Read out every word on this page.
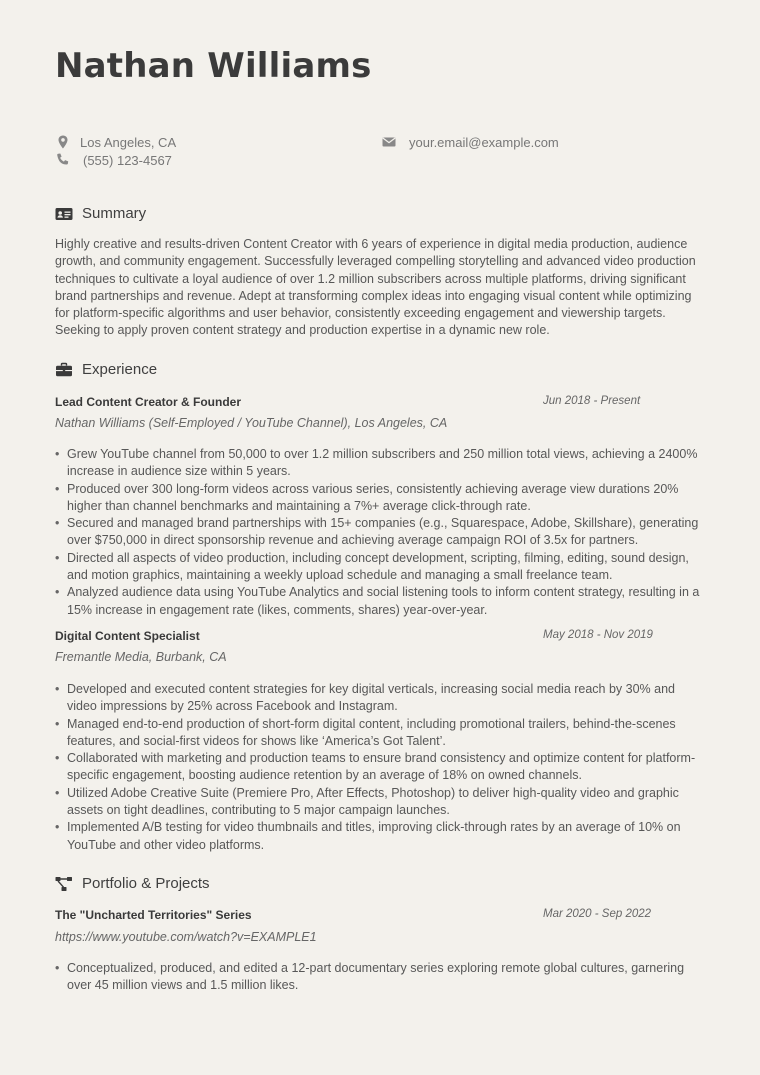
Nathan Williams
Los Angeles, CA
(555) 123-4567
your.email@example.com
Summary

Highly creative and results-driven Content Creator with 6 years of experience in digital media production, audience growth, and community engagement. Successfully leveraged compelling storytelling and advanced video production techniques to cultivate a loyal audience of over 1.2 million subscribers across multiple platforms, driving significant brand partnerships and revenue. Adept at transforming complex ideas into engaging visual content while optimizing for platform-specific algorithms and user behavior, consistently exceeding engagement and viewership targets. Seeking to apply proven content strategy and production expertise in a dynamic new role.

Experience
Lead Content Creator & Founder	Jun 2018 - Present
Nathan Williams (Self-Employed / YouTube Channel), Los Angeles, CA
• Grew YouTube channel from 50,000 to over 1.2 million subscribers and 250 million total views, achieving a 2400% increase in audience size within 5 years.
• Produced over 300 long-form videos across various series, consistently achieving average view durations 20% higher than channel benchmarks and maintaining a 7%+ average click-through rate.
• Secured and managed brand partnerships with 15+ companies (e.g., Squarespace, Adobe, Skillshare), generating over $750,000 in direct sponsorship revenue and achieving average campaign ROI of 3.5x for partners.
• Directed all aspects of video production, including concept development, scripting, filming, editing, sound design, and motion graphics, maintaining a weekly upload schedule and managing a small freelance team.
• Analyzed audience data using YouTube Analytics and social listening tools to inform content strategy, resulting in a 15% increase in engagement rate (likes, comments, shares) year-over-year.
Digital Content Specialist	May 2018 - Nov 2019
Fremantle Media, Burbank, CA
• Developed and executed content strategies for key digital verticals, increasing social media reach by 30% and video impressions by 25% across Facebook and Instagram.
• Managed end-to-end production of short-form digital content, including promotional trailers, behind-the-scenes features, and social-first videos for shows like ‘America’s Got Talent’.
• Collaborated with marketing and production teams to ensure brand consistency and optimize content for platform-specific engagement, boosting audience retention by an average of 18% on owned channels.
• Utilized Adobe Creative Suite (Premiere Pro, After Effects, Photoshop) to deliver high-quality video and graphic assets on tight deadlines, contributing to 5 major campaign launches.
• Implemented A/B testing for video thumbnails and titles, improving click-through rates by an average of 10% on YouTube and other video platforms.
Portfolio & Projects
The "Uncharted Territories" Series	Mar 2020 - Sep 2022
https://www.youtube.com/watch?v=EXAMPLE1
• Conceptualized, produced, and edited a 12-part documentary series exploring remote global cultures, garnering over 45 million views and 1.5 million likes.
